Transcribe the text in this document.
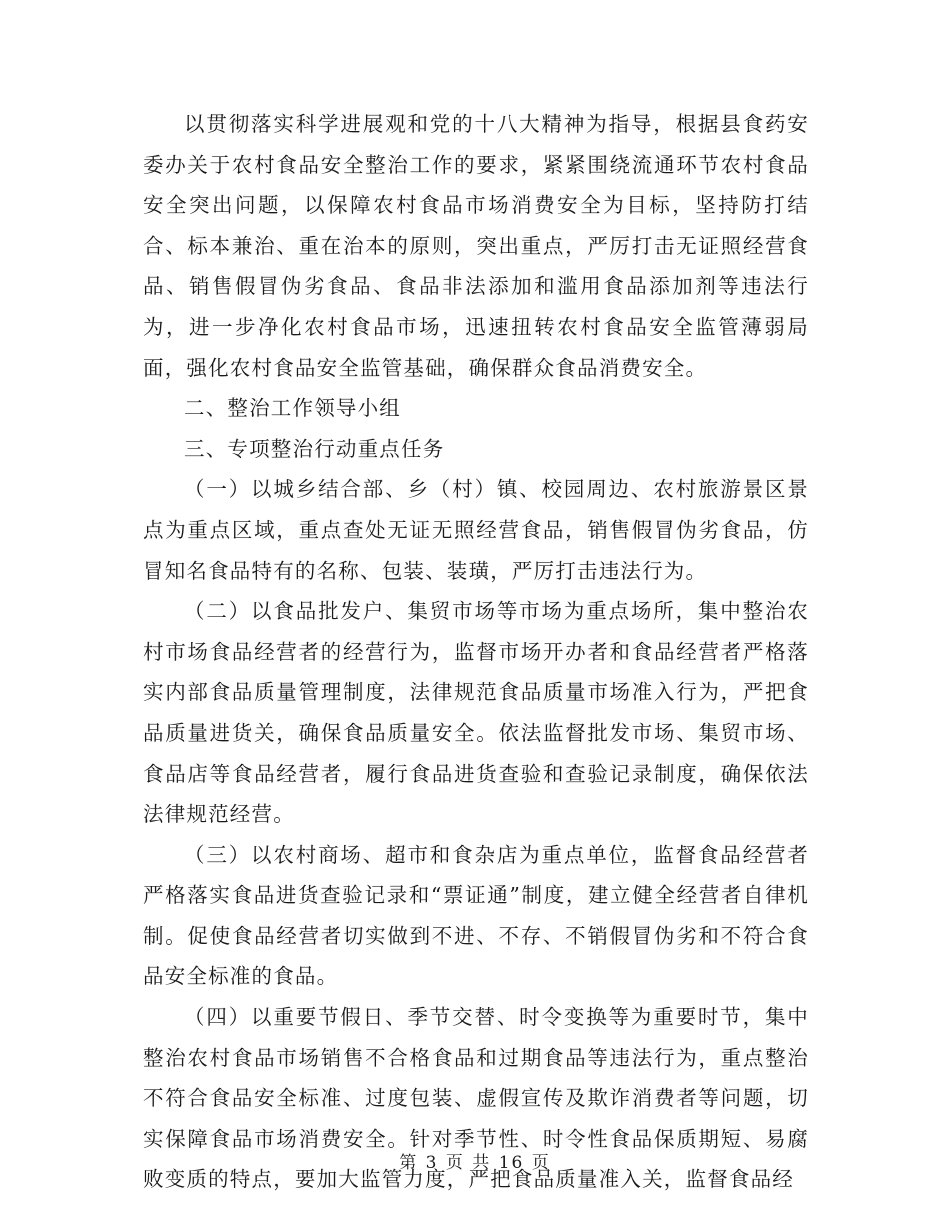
以贯彻落实科学进展观和党的十八大精神为指导，根据县食药安委办关于农村食品安全整治工作的要求，紧紧围绕流通环节农村食品安全突出问题，以保障农村食品市场消费安全为目标，坚持防打结合、标本兼治、重在治本的原则，突出重点，严厉打击无证照经营食品、销售假冒伪劣食品、食品非法添加和滥用食品添加剂等违法行为，进一步净化农村食品市场，迅速扭转农村食品安全监管薄弱局面，强化农村食品安全监管基础，确保群众食品消费安全。

二、整治工作领导小组

三、专项整治行动重点任务

（一）以城乡结合部、乡（村）镇、校园周边、农村旅游景区景点为重点区域，重点查处无证无照经营食品，销售假冒伪劣食品，仿冒知名食品特有的名称、包装、装璜，严厉打击违法行为。

（二）以食品批发户、集贸市场等市场为重点场所，集中整治农村市场食品经营者的经营行为，监督市场开办者和食品经营者严格落实内部食品质量管理制度，法律规范食品质量市场准入行为，严把食品质量进货关，确保食品质量安全。依法监督批发市场、集贸市场、食品店等食品经营者，履行食品进货查验和查验记录制度，确保依法法律规范经营。

（三）以农村商场、超市和食杂店为重点单位，监督食品经营者严格落实食品进货查验记录和“票证通”制度，建立健全经营者自律机制。促使食品经营者切实做到不进、不存、不销假冒伪劣和不符合食品安全标准的食品。

（四）以重要节假日、季节交替、时令变换等为重要时节，集中整治农村食品市场销售不合格食品和过期食品等违法行为，重点整治不符合食品安全标准、过度包装、虚假宣传及欺诈消费者等问题，切实保障食品市场消费安全。针对季节性、时令性食品保质期短、易腐败变质的特点，要加大监管力度，严把食品质量准入关，监督食品经

第 3 页 共 16 页
